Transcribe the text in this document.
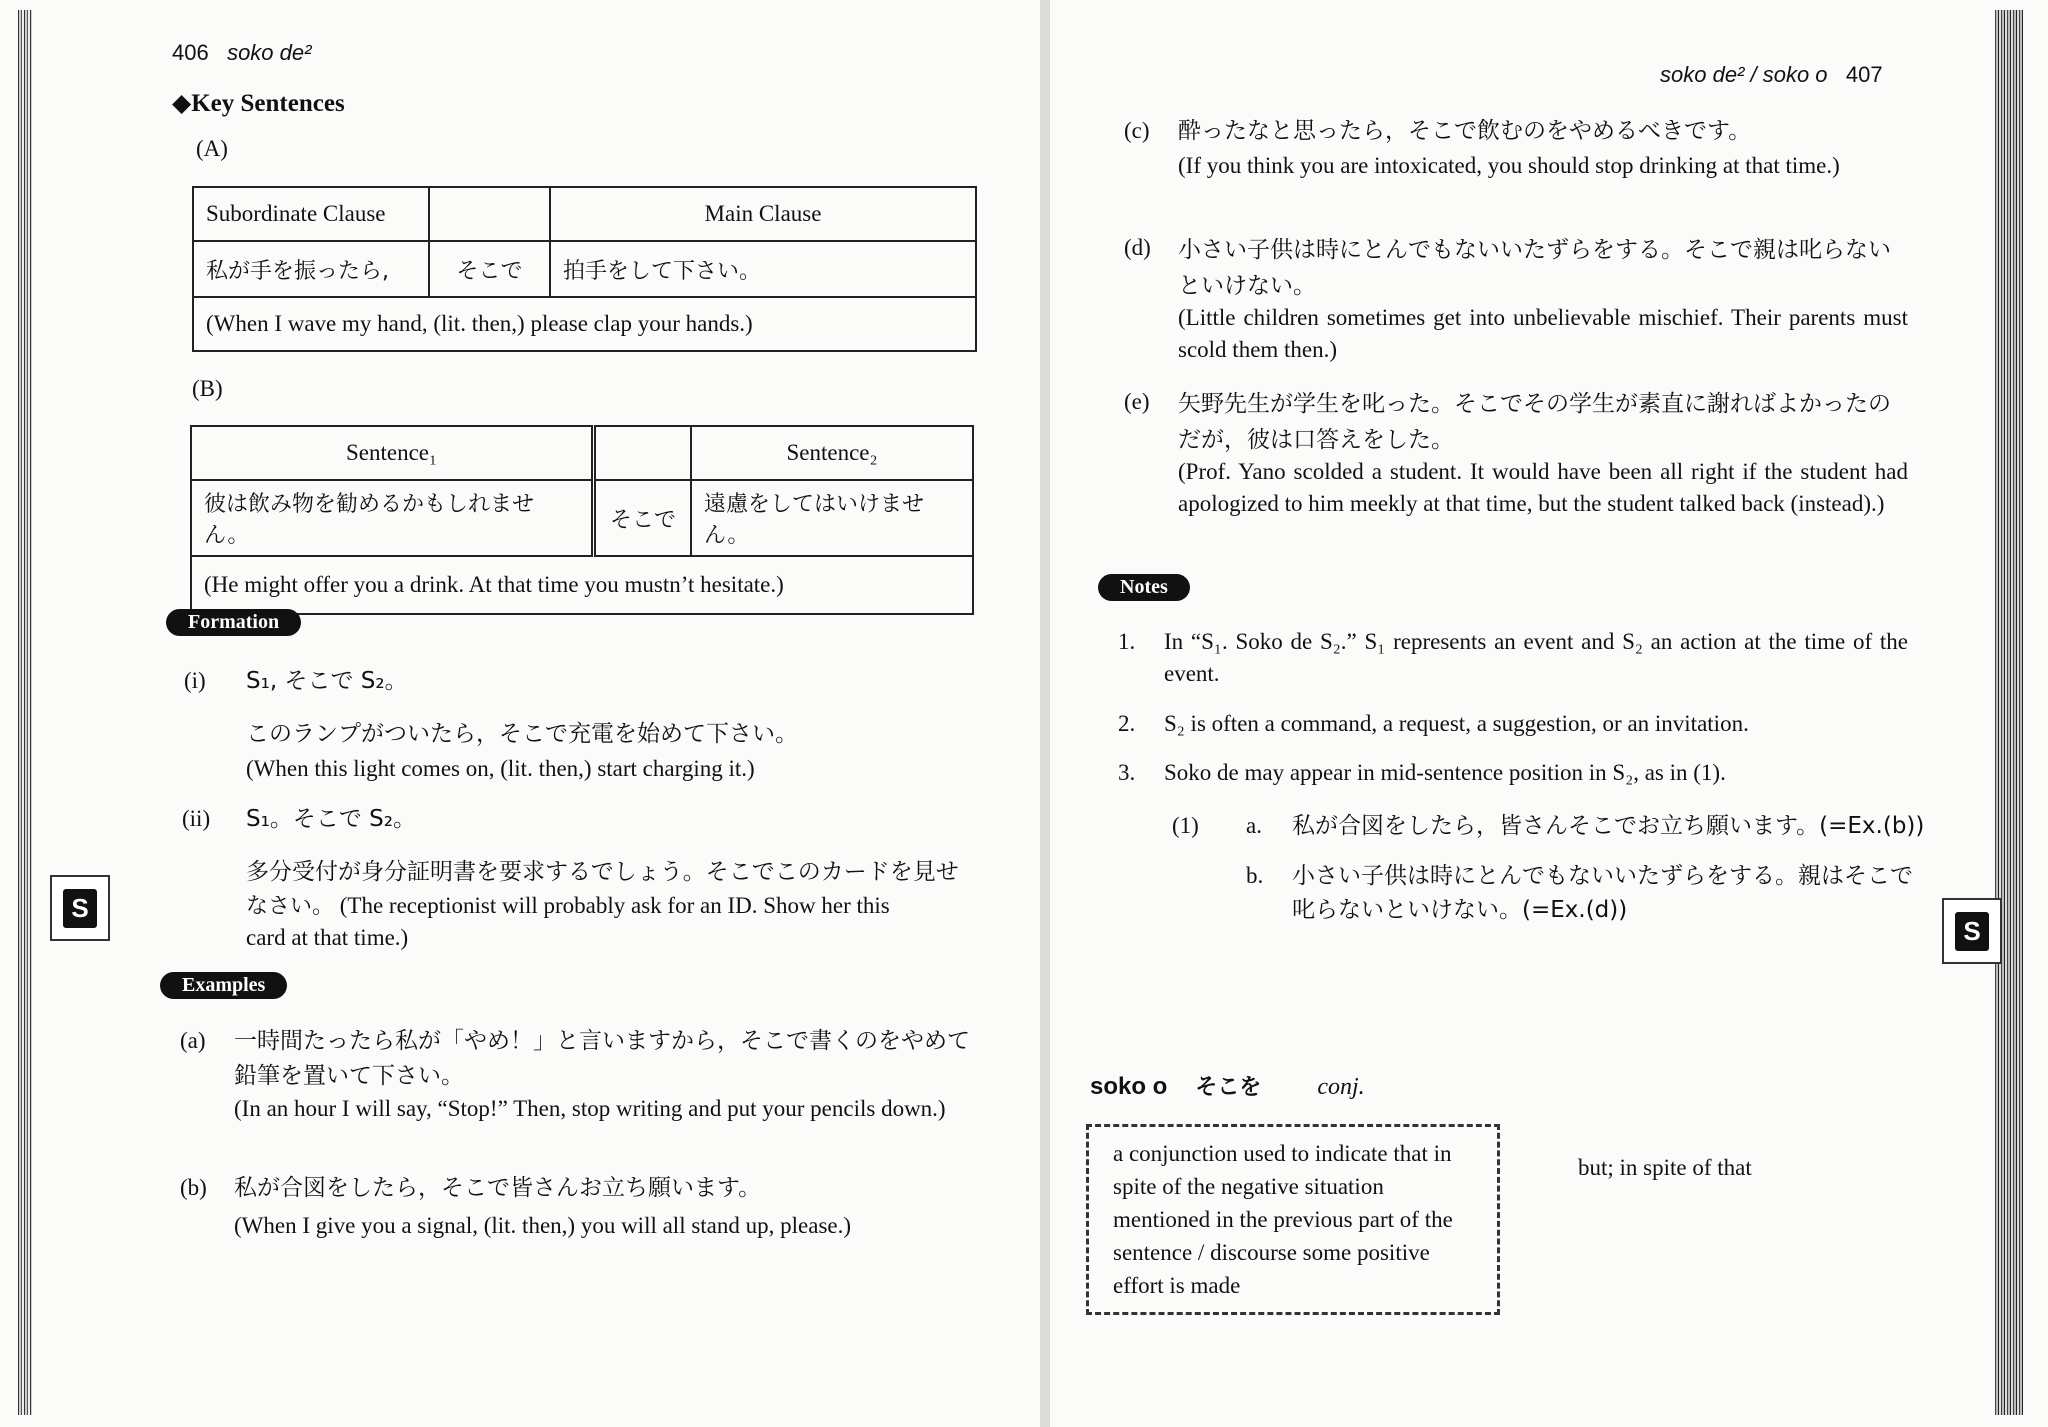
S
S
406 soko de²
◆Key Sentences
(A)
Subordinate Clause		Main Clause
私が手を振ったら,	そこで	拍手をして下さい。
(When I wave my hand, (lit. then,) please clap your hands.)		
(B)
Sentence₁		Sentence₂
彼は飲み物を勧めるかもしれません。	そこで	遠慮をしてはいけません。
(He might offer you a drink. At that time you mustn’t hesitate.)		
Formation
(i) S₁, そこで S₂。
このランプがついたら，そこで充電を始めて下さい。
(When this light comes on, (lit. then,) start charging it.)
(ii) S₁。そこで S₂。
多分受付が身分証明書を要求するでしょう。そこでこのカードを見せ
なさい。 (The receptionist will probably ask for an ID. Show her this
card at that time.)
Examples
(a) 一時間たったら私が「やめ！」と言いますから，そこで書くのをやめて
鉛筆を置いて下さい。
(In an hour I will say, “Stop!” Then, stop writing and put your pencils down.)
(b) 私が合図をしたら，そこで皆さんお立ち願います。
(When I give you a signal, (lit. then,) you will all stand up, please.)
soko de² / soko o 407
(c) 酔ったなと思ったら，そこで飲むのをやめるべきです。
(If you think you are intoxicated, you should stop drinking at that time.)
(d) 小さい子供は時にとんでもないいたずらをする。そこで親は叱らないといけない。
(Little children sometimes get into unbelievable mischief. Their parents must scold them then.)
(e) 矢野先生が学生を叱った。そこでその学生が素直に謝ればよかったのだが，彼は口答えをした。
(Prof. Yano scolded a student. It would have been all right if the student had apologized to him meekly at that time, but the student talked back (instead).)
Notes
1. In “S₁. Soko de S₂.” S₁ represents an event and S₂ an action at the time of the event.
2. S₂ is often a command, a request, a suggestion, or an invitation.
3. Soko de may appear in mid-sentence position in S₂, as in (1).
(1) a. 私が合図をしたら，皆さんそこでお立ち願います。(=Ex.(b))
b. 小さい子供は時にとんでもないいたずらをする。親はそこで
叱らないといけない。(=Ex.(d))
soko o そこを conj.
a conjunction used to indicate that in spite of the negative situation mentioned in the previous part of the sentence / discourse some positive effort is made
but; in spite of that
